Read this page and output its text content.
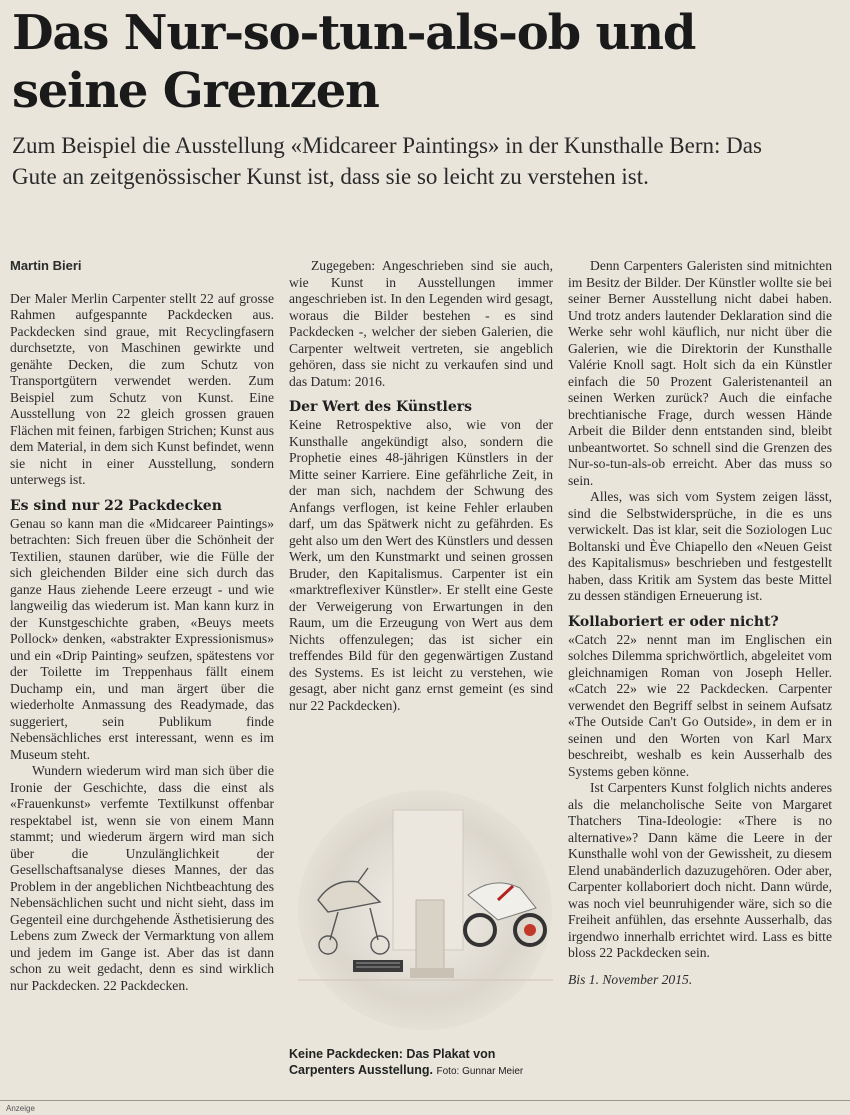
Das Nur-so-tun-als-ob und seine Grenzen

Zum Beispiel die Ausstellung «Midcareer Paintings» in der Kunsthalle Bern: Das Gute an zeitgenössischer Kunst ist, dass sie so leicht zu verstehen ist.

Martin Bieri

Der Maler Merlin Carpenter stellt 22 auf grosse Rahmen aufgespannte Packdecken aus. Packdecken sind graue, mit Recyclingfasern durchsetzte, von Maschinen gewirkte und genähte Decken, die zum Schutz von Transportgütern verwendet werden. Zum Beispiel zum Schutz von Kunst. Eine Ausstellung von 22 gleich grossen grauen Flächen mit feinen, farbigen Strichen; Kunst aus dem Material, in dem sich Kunst befindet, wenn sie nicht in einer Ausstellung, sondern unterwegs ist.

Es sind nur 22 Packdecken

Genau so kann man die «Midcareer Paintings» betrachten: Sich freuen über die Schönheit der Textilien, staunen darüber, wie die Fülle der sich gleichenden Bilder eine sich durch das ganze Haus ziehende Leere erzeugt - und wie langweilig das wiederum ist. Man kann kurz in der Kunstgeschichte graben, «Beuys meets Pollock» denken, «abstrakter Expressionismus» und ein «Drip Painting» seufzen, spätestens vor der Toilette im Treppenhaus fällt einem Duchamp ein, und man ärgert über die wiederholte Anmassung des Readymade, das suggeriert, sein Publikum finde Nebensächliches erst interessant, wenn es im Museum steht.

Wundern wiederum wird man sich über die Ironie der Geschichte, dass die einst als «Frauenkunst» verfemte Textilkunst offenbar respektabel ist, wenn sie von einem Mann stammt; und wiederum ärgern wird man sich über die Unzulänglichkeit der Gesellschaftsanalyse dieses Mannes, der das Problem in der angeblichen Nichtbeachtung des Nebensächlichen sucht und nicht sieht, dass im Gegenteil eine durchgehende Ästhetisierung des Lebens zum Zweck der Vermarktung von allem und jedem im Gange ist. Aber das ist dann schon zu weit gedacht, denn es sind wirklich nur Packdecken. 22 Packdecken.

Zugegeben: Angeschrieben sind sie auch, wie Kunst in Ausstellungen immer angeschrieben ist. In den Legenden wird gesagt, woraus die Bilder bestehen - es sind Packdecken -, welcher der sieben Galerien, die Carpenter weltweit vertreten, sie angeblich gehören, dass sie nicht zu verkaufen sind und das Datum: 2016.

Der Wert des Künstlers

Keine Retrospektive also, wie von der Kunsthalle angekündigt also, sondern die Prophetie eines 48-jährigen Künstlers in der Mitte seiner Karriere. Eine gefährliche Zeit, in der man sich, nachdem der Schwung des Anfangs verflogen, ist keine Fehler erlauben darf, um das Spätwerk nicht zu gefährden. Es geht also um den Wert des Künstlers und dessen Werk, um den Kunstmarkt und seinen grossen Bruder, den Kapitalismus. Carpenter ist ein «marktreflexiver Künstler». Er stellt eine Geste der Verweigerung von Erwartungen in den Raum, um die Erzeugung von Wert aus dem Nichts offenzulegen; das ist sicher ein treffendes Bild für den gegenwärtigen Zustand des Systems. Es ist leicht zu verstehen, wie gesagt, aber nicht ganz ernst gemeint (es sind nur 22 Packdecken).

Keine Packdecken: Das Plakat von Carpenters Ausstellung. Foto: Gunnar Meier

Denn Carpenters Galeristen sind mitnichten im Besitz der Bilder. Der Künstler wollte sie bei seiner Berner Ausstellung nicht dabei haben. Und trotz anders lautender Deklaration sind die Werke sehr wohl käuflich, nur nicht über die Galerien, wie die Direktorin der Kunsthalle Valérie Knoll sagt. Holt sich da ein Künstler einfach die 50 Prozent Galeristenanteil an seinen Werken zurück? Auch die einfache brechtianische Frage, durch wessen Hände Arbeit die Bilder denn entstanden sind, bleibt unbeantwortet. So schnell sind die Grenzen des Nur-so-tun-als-ob erreicht. Aber das muss so sein.

Alles, was sich vom System zeigen lässt, sind die Selbstwidersprüche, in die es uns verwickelt. Das ist klar, seit die Soziologen Luc Boltanski und Ève Chiapello den «Neuen Geist des Kapitalismus» beschrieben und festgestellt haben, dass Kritik am System das beste Mittel zu dessen ständigen Erneuerung ist.

Kollaboriert er oder nicht?

«Catch 22» nennt man im Englischen ein solches Dilemma sprichwörtlich, abgeleitet vom gleichnamigen Roman von Joseph Heller. «Catch 22» wie 22 Packdecken. Carpenter verwendet den Begriff selbst in seinem Aufsatz «The Outside Can't Go Outside», in dem er in seinen und den Worten von Karl Marx beschreibt, weshalb es kein Ausserhalb des Systems geben könne.

Ist Carpenters Kunst folglich nichts anderes als die melancholische Seite von Margaret Thatchers Tina-Ideologie: «There is no alternative»? Dann käme die Leere in der Kunsthalle wohl von der Gewissheit, zu diesem Elend unabänderlich dazuzugehören. Oder aber, Carpenter kollaboriert doch nicht. Dann würde, was noch viel beunruhigender wäre, sich so die Freiheit anfühlen, das ersehnte Ausserhalb, das irgendwo innerhalb errichtet wird. Lass es bitte bloss 22 Packdecken sein.

Bis 1. November 2015.

Anzeige
